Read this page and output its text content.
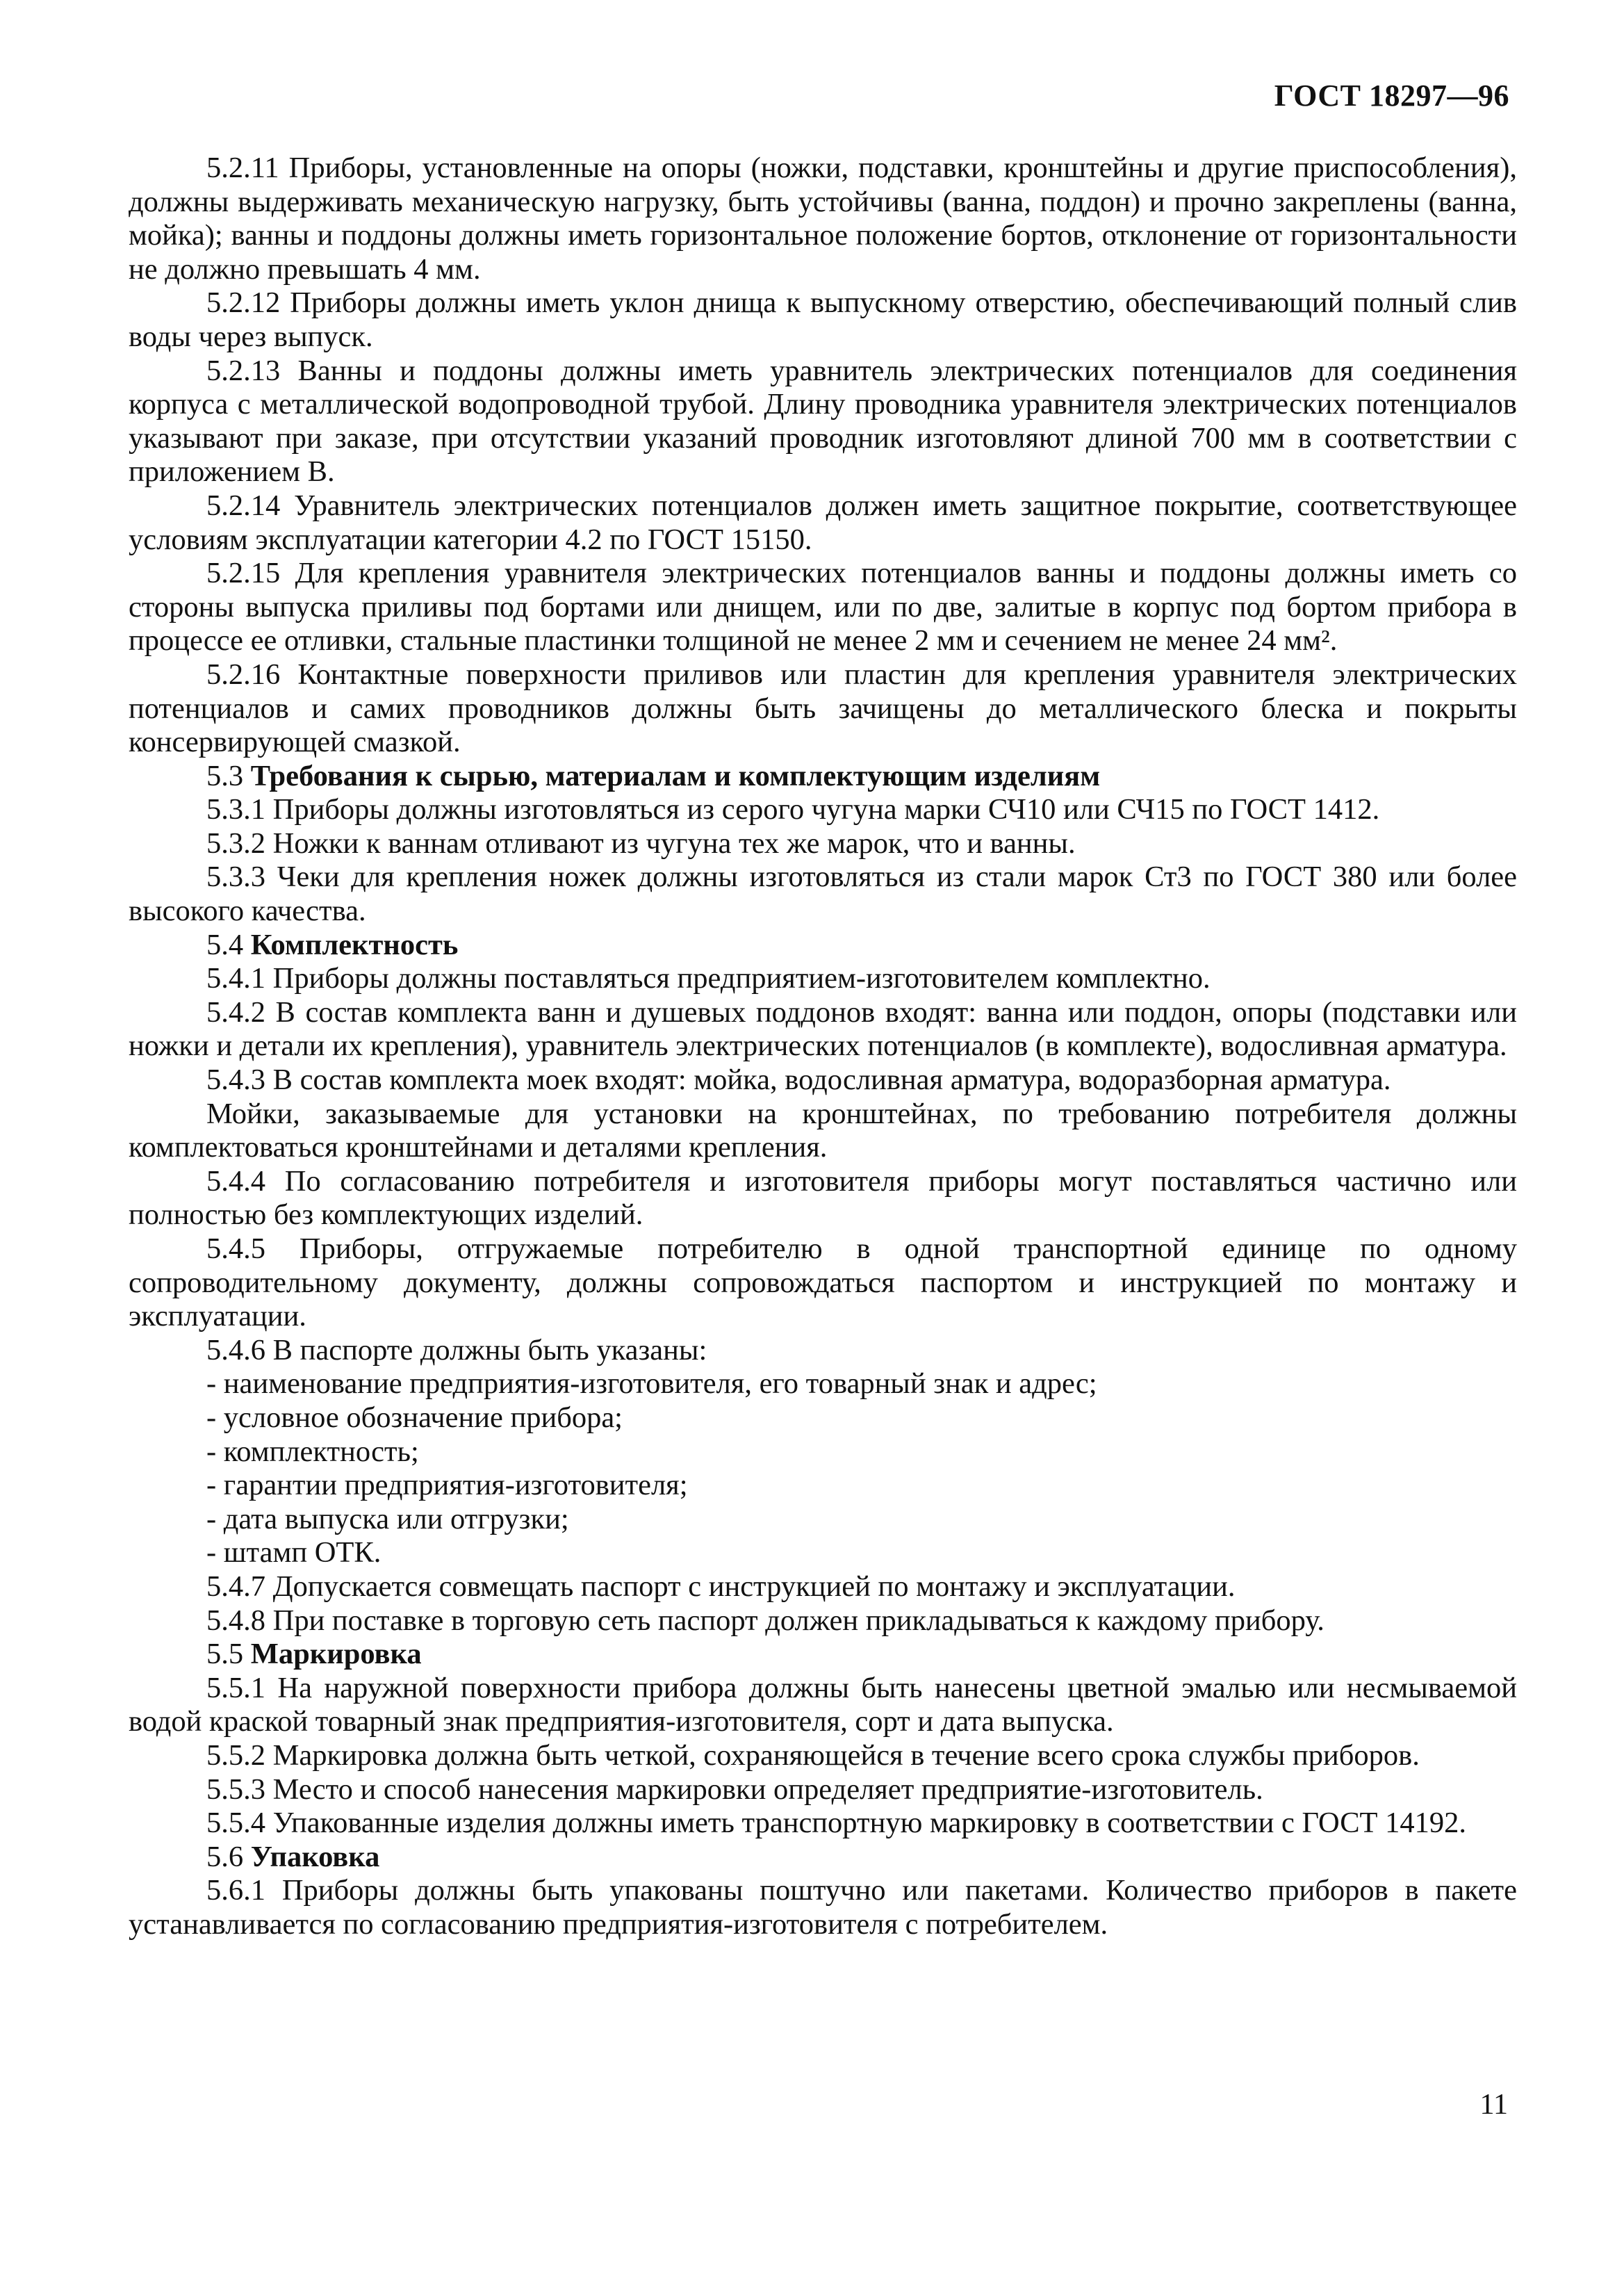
ГОСТ 18297—96

5.2.11 Приборы, установленные на опоры (ножки, подставки, кронштейны и другие приспособления), должны выдерживать механическую нагрузку, быть устойчивы (ванна, поддон) и прочно закреплены (ванна, мойка); ванны и поддоны должны иметь горизонтальное положение бортов, отклонение от горизонтальности не должно превышать 4 мм.

5.2.12 Приборы должны иметь уклон днища к выпускному отверстию, обеспечивающий полный слив воды через выпуск.

5.2.13 Ванны и поддоны должны иметь уравнитель электрических потенциалов для соединения корпуса с металлической водопроводной трубой. Длину проводника уравнителя электрических потенциалов указывают при заказе, при отсутствии указаний проводник изготовляют длиной 700 мм в соответствии с приложением В.

5.2.14 Уравнитель электрических потенциалов должен иметь защитное покрытие, соответствующее условиям эксплуатации категории 4.2 по ГОСТ 15150.

5.2.15 Для крепления уравнителя электрических потенциалов ванны и поддоны должны иметь со стороны выпуска приливы под бортами или днищем, или по две, залитые в корпус под бортом прибора в процессе ее отливки, стальные пластинки толщиной не менее 2 мм и сечением не менее 24 мм².

5.2.16 Контактные поверхности приливов или пластин для крепления уравнителя электрических потенциалов и самих проводников должны быть зачищены до металлического блеска и покрыты консервирующей смазкой.

5.3 Требования к сырью, материалам и комплектующим изделиям

5.3.1 Приборы должны изготовляться из серого чугуна марки СЧ10 или СЧ15 по ГОСТ 1412.

5.3.2 Ножки к ваннам отливают из чугуна тех же марок, что и ванны.

5.3.3 Чеки для крепления ножек должны изготовляться из стали марок Ст3 по ГОСТ 380 или более высокого качества.

5.4 Комплектность

5.4.1 Приборы должны поставляться предприятием-изготовителем комплектно.

5.4.2 В состав комплекта ванн и душевых поддонов входят: ванна или поддон, опоры (подставки или ножки и детали их крепления), уравнитель электрических потенциалов (в комплекте), водосливная арматура.

5.4.3 В состав комплекта моек входят: мойка, водосливная арматура, водоразборная арматура.

Мойки, заказываемые для установки на кронштейнах, по требованию потребителя должны комплектоваться кронштейнами и деталями крепления.

5.4.4 По согласованию потребителя и изготовителя приборы могут поставляться частично или полностью без комплектующих изделий.

5.4.5 Приборы, отгружаемые потребителю в одной транспортной единице по одному сопроводительному документу, должны сопровождаться паспортом и инструкцией по монтажу и эксплуатации.

5.4.6 В паспорте должны быть указаны:

- наименование предприятия-изготовителя, его товарный знак и адрес;

- условное обозначение прибора;

- комплектность;

- гарантии предприятия-изготовителя;

- дата выпуска или отгрузки;

- штамп ОТК.

5.4.7 Допускается совмещать паспорт с инструкцией по монтажу и эксплуатации.

5.4.8 При поставке в торговую сеть паспорт должен прикладываться к каждому прибору.

5.5 Маркировка

5.5.1 На наружной поверхности прибора должны быть нанесены цветной эмалью или несмываемой водой краской товарный знак предприятия-изготовителя, сорт и дата выпуска.

5.5.2 Маркировка должна быть четкой, сохраняющейся в течение всего срока службы приборов.

5.5.3 Место и способ нанесения маркировки определяет предприятие-изготовитель.

5.5.4 Упакованные изделия должны иметь транспортную маркировку в соответствии с ГОСТ 14192.

5.6 Упаковка

5.6.1 Приборы должны быть упакованы поштучно или пакетами. Количество приборов в пакете устанавливается по согласованию предприятия-изготовителя с потребителем.

11
